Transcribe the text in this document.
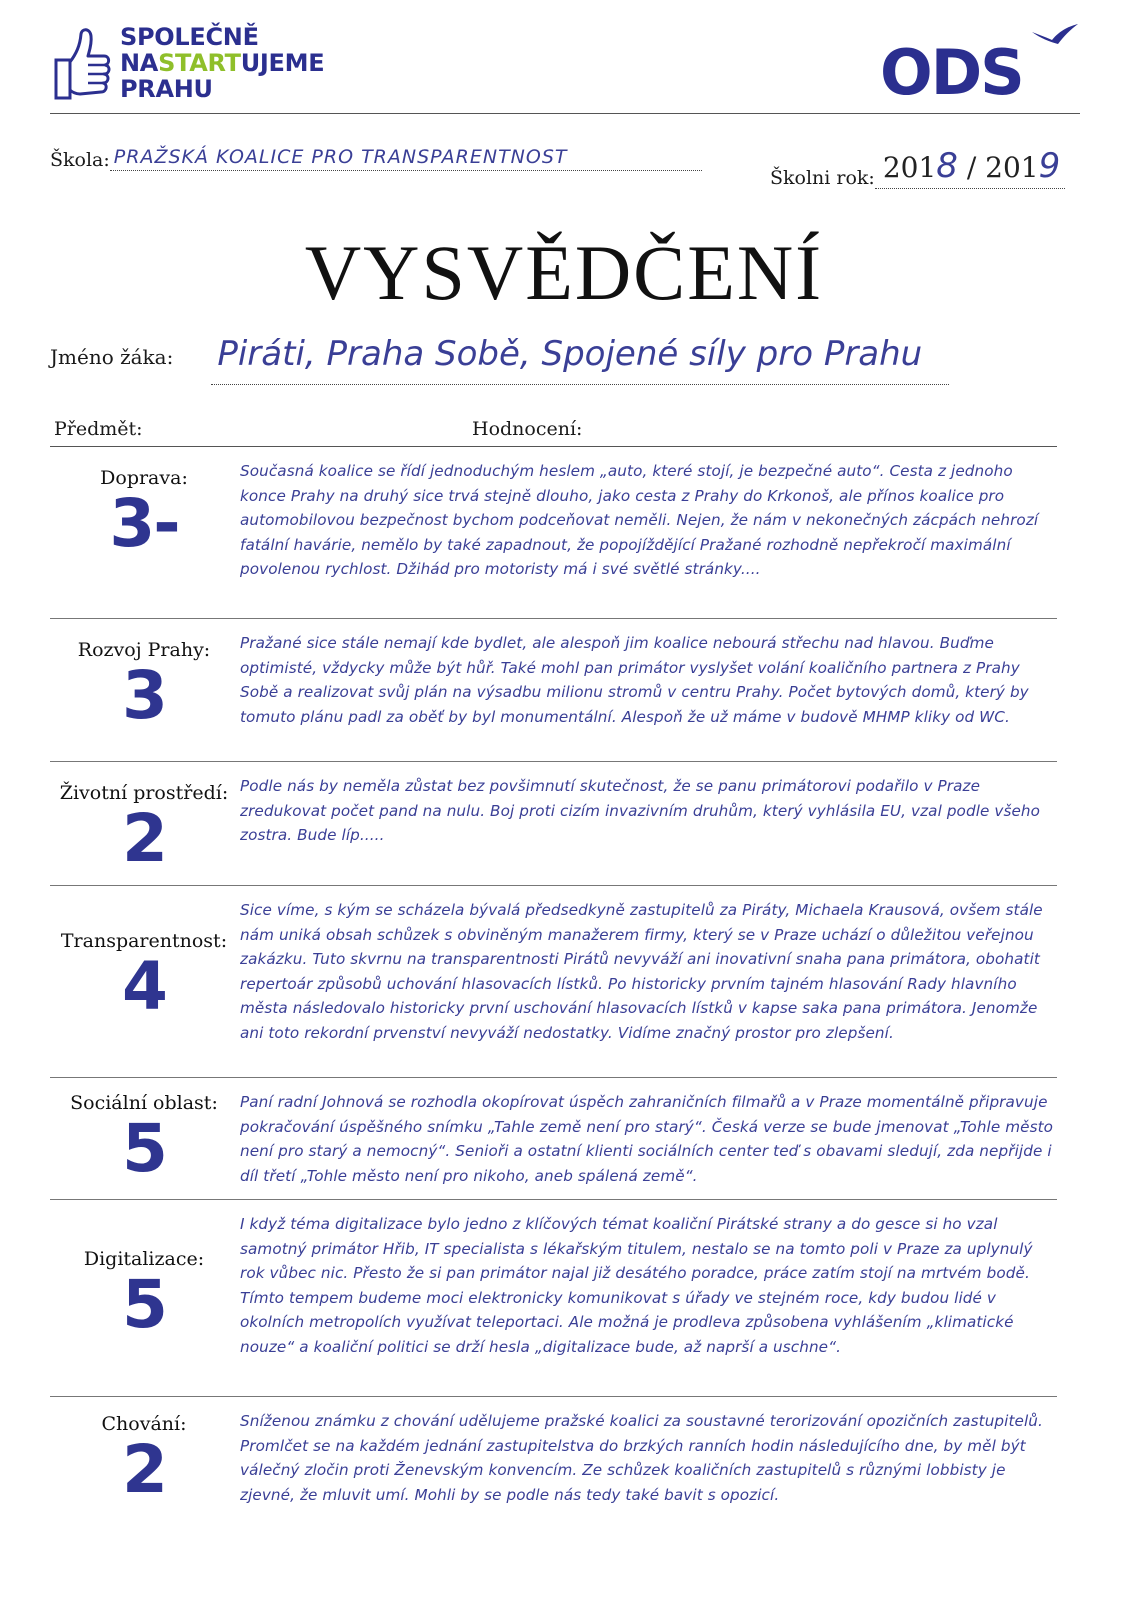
SPOLEČNĚ
NASTARTUJEME
PRAHU	ODS
Škola: PRAŽSKÁ KOALICE PRO TRANSPARENTNOST
Školni rok: 2018 / 2019
VYSVĚDČENÍ
Jméno žáka: Piráti, Praha Sobě, Spojené síly pro Prahu
Předmět:	Hodnocení:
Doprava:
3-
Současná koalice se řídí jednoduchým heslem „auto, které stojí, je bezpečné auto“. Cesta z jednoho konce Prahy na druhý sice trvá stejně dlouho, jako cesta z Prahy do Krkonoš, ale přínos koalice pro automobilovou bezpečnost bychom podceňovat neměli. Nejen, že nám v nekonečných zácpách nehrozí fatální havárie, nemělo by také zapadnout, že popojíždějící Pražané rozhodně nepřekročí maximální povolenou rychlost. Džihád pro motoristy má i své světlé stránky....
Rozvoj Prahy:
3
Pražané sice stále nemají kde bydlet, ale alespoň jim koalice nebourá střechu nad hlavou. Buďme optimisté, vždycky může být hůř. Také mohl pan primátor vyslyšet volání koaličního partnera z Prahy Sobě a realizovat svůj plán na výsadbu milionu stromů v centru Prahy. Počet bytových domů, který by tomuto plánu padl za oběť by byl monumentální. Alespoň že už máme v budově MHMP kliky od WC.
Životní prostředí:
2
Podle nás by neměla zůstat bez povšimnutí skutečnost, že se panu primátorovi podařilo v Praze zredukovat počet pand na nulu. Boj proti cizím invazivním druhům, který vyhlásila EU, vzal podle všeho zostra. Bude líp.....
Transparentnost:
4
Sice víme, s kým se scházela bývalá předsedkyně zastupitelů za Piráty, Michaela Krausová, ovšem stále nám uniká obsah schůzek s obviněným manažerem firmy, který se v Praze uchází o důležitou veřejnou zakázku. Tuto skvrnu na transparentnosti Pirátů nevyváží ani inovativní snaha pana primátora, obohatit repertoár způsobů uchování hlasovacích lístků. Po historicky prvním tajném hlasování Rady hlavního města následovalo historicky první uschování hlasovacích lístků v kapse saka pana primátora. Jenomže ani toto rekordní prvenství nevyváží nedostatky. Vidíme značný prostor pro zlepšení.
Sociální oblast:
5
Paní radní Johnová se rozhodla okopírovat úspěch zahraničních filmařů a v Praze momentálně připravuje pokračování úspěšného snímku „Tahle země není pro starý“. Česká verze se bude jmenovat „Tohle město není pro starý a nemocný“. Senioři a ostatní klienti sociálních center teď s obavami sledují, zda nepřijde i díl třetí „Tohle město není pro nikoho, aneb spálená země“.
Digitalizace:
5
I když téma digitalizace bylo jedno z klíčových témat koaliční Pirátské strany a do gesce si ho vzal samotný primátor Hřib, IT specialista s lékařským titulem, nestalo se na tomto poli v Praze za uplynulý rok vůbec nic. Přesto že si pan primátor najal již desátého poradce, práce zatím stojí na mrtvém bodě. Tímto tempem budeme moci elektronicky komunikovat s úřady ve stejném roce, kdy budou lidé v okolních metropolích využívat teleportaci. Ale možná je prodleva způsobena vyhlášením „klimatické nouze“ a koaliční politici se drží hesla „digitalizace bude, až naprší a uschne“.
Chování:
2
Sníženou známku z chování udělujeme pražské koalici za soustavné terorizování opozičních zastupitelů. Promlčet se na každém jednání zastupitelstva do brzkých ranních hodin následujícího dne, by měl být válečný zločin proti Ženevským konvencím. Ze schůzek koaličních zastupitelů s různými lobbisty je zjevné, že mluvit umí. Mohli by se podle nás tedy také bavit s opozicí.
